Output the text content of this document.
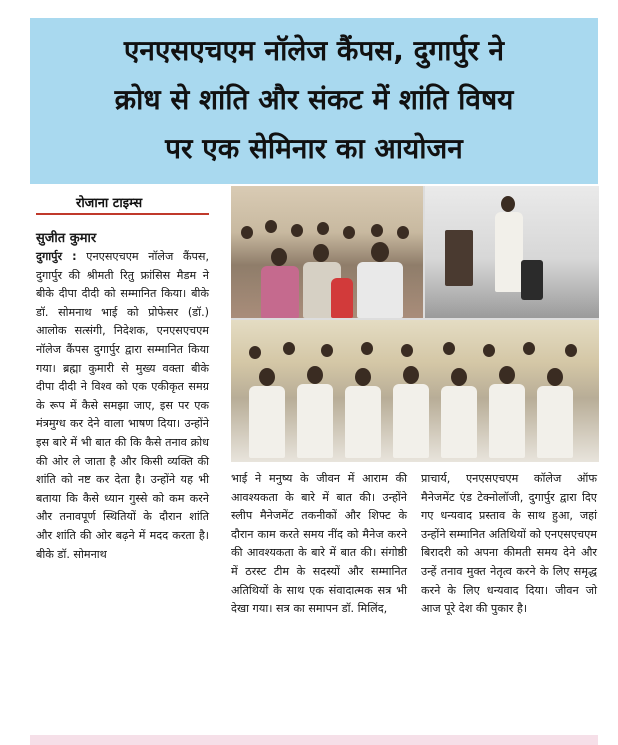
एनएसएचएम नॉलेज कैंपस, दुगार्पुर ने
क्रोध से शांति और संकट में शांति विषय
पर एक सेमिनार का आयोजन
रोजाना टाइम्स
सुजीत कुमार
दुगार्पुर : एनएसएचएम नॉलेज कैंपस, दुगार्पुर की श्रीमती रितु फ्रांसिस मैडम ने बीके दीपा दीदी को सम्मानित किया। बीके डॉ. सोमनाथ भाई को प्रोफेसर (डॉ.) आलोक सत्संगी, निदेशक, एनएसएचएम नॉलेज कैंपस दुगार्पुर द्वारा सम्मानित किया गया। ब्रह्मा कुमारी से मुख्य वक्ता बीके दीपा दीदी ने विश्व को एक एकीकृत समग्र के रूप में कैसे समझा जाए, इस पर एक मंत्रमुग्ध कर देने वाला भाषण दिया। उन्होंने इस बारे में भी बात की कि कैसे तनाव क्रोध की ओर ले जाता है और किसी व्यक्ति की शांति को नष्ट कर देता है। उन्होंने यह भी बताया कि कैसे ध्यान गुस्से को कम करने और तनावपूर्ण स्थितियों के दौरान शांति और शांति की ओर बढ़ने में मदद करता है। बीके डॉ. सोमनाथ
भाई ने मनुष्य के जीवन में आराम की आवश्यकता के बारे में बात की। उन्होंने स्लीप मैनेजमेंट तकनीकों और शिफ्ट के दौरान काम करते समय नींद को मैनेज करने की आवश्यकता के बारे में बात की। संगोष्ठी में ठरस्ट टीम के सदस्यों और सम्मानित अतिथियों के साथ एक संवादात्मक सत्र भी देखा गया। सत्र का समापन डॉ. मिलिंद,
प्राचार्य, एनएसएचएम कॉलेज ऑफ मैनेजमेंट एंड टेक्नोलॉजी, दुगार्पुर द्वारा दिए गए धन्यवाद प्रस्ताव के साथ हुआ, जहां उन्होंने सम्मानित अतिथियों को एनएसएचएम बिरादरी को अपना कीमती समय देने और उन्हें तनाव मुक्त नेतृत्व करने के लिए समृद्ध करने के लिए धन्यवाद दिया। जीवन जो आज पूरे देश की पुकार है।
